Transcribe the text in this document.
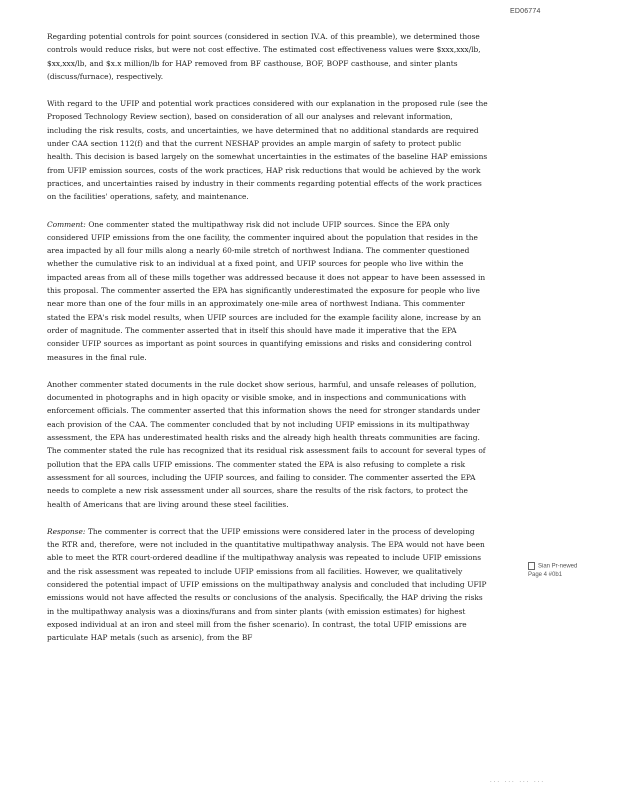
ED06774

Regarding potential controls for point sources (considered in section IV.A. of this preamble), we determined those controls would reduce risks, but were not cost effective. The estimated cost effectiveness values were $xxx,xxx/lb, $xx,xxx/lb, and $x.x million/lb for HAP removed from BF casthouse, BOF, BOPF casthouse, and sinter plants (discuss/furnace), respectively.

With regard to the UFIP and potential work practices considered with our explanation in the proposed rule (see the Proposed Technology Review section), based on consideration of all our analyses and relevant information, including the risk results, costs, and uncertainties, we have determined that no additional standards are required under CAA section 112(f) and that the current NESHAP provides an ample margin of safety to protect public health. This decision is based largely on the somewhat uncertainties in the estimates of the baseline HAP emissions from UFIP emission sources, costs of the work practices, HAP risk reductions that would be achieved by the work practices, and uncertainties raised by industry in their comments regarding potential effects of the work practices on the facilities' operations, safety, and maintenance.

Comment: One commenter stated the multipathway risk did not include UFIP sources. Since the EPA only considered UFIP emissions from the one facility, the commenter inquired about the population that resides in the area impacted by all four mills along a nearly 60-mile stretch of northwest Indiana. The commenter questioned whether the cumulative risk to an individual at a fixed point, and UFIP sources for people who live within the impacted areas from all of these mills together was addressed because it does not appear to have been assessed in this proposal. The commenter asserted the EPA has significantly underestimated the exposure for people who live near more than one of the four mills in an approximately one-mile area of northwest Indiana. This commenter stated the EPA's risk model results, when UFIP sources are included for the example facility alone, increase by an order of magnitude. The commenter asserted that in itself this should have made it imperative that the EPA consider UFIP sources as important as point sources in quantifying emissions and risks and considering control measures in the final rule.

Another commenter stated documents in the rule docket show serious, harmful, and unsafe releases of pollution, documented in photographs and in high opacity or visible smoke, and in inspections and communications with enforcement officials. The commenter asserted that this information shows the need for stronger standards under each provision of the CAA. The commenter concluded that by not including UFIP emissions in its multipathway assessment, the EPA has underestimated health risks and the already high health threats communities are facing. The commenter stated the rule has recognized that its residual risk assessment fails to account for several types of pollution that the EPA calls UFIP emissions. The commenter stated the EPA is also refusing to complete a risk assessment for all sources, including the UFIP sources, and failing to consider. The commenter asserted the EPA needs to complete a new risk assessment under all sources, share the results of the risk factors, to protect the health of Americans that are living around these steel facilities.

Response: The commenter is correct that the UFIP emissions were considered later in the process of developing the RTR and, therefore, were not included in the quantitative multipathway analysis. The EPA would not have been able to meet the RTR court-ordered deadline if the multipathway analysis was repeated to include UFIP emissions and the risk assessment was repeated to include UFIP emissions from all facilities. However, we qualitatively considered the potential impact of UFIP emissions on the multipathway analysis and concluded that including UFIP emissions would not have affected the results or conclusions of the analysis. Specifically, the HAP driving the risks in the multipathway analysis was a dioxins/furans and from sinter plants (with emission estimates) for highest exposed individual at an iron and steel mill from the fisher scenario). In contrast, the total UFIP emissions are particulate HAP metals (such as arsenic), from the BF

Sian Pr-newed
Page 4 #0b1
... ... ... ...
